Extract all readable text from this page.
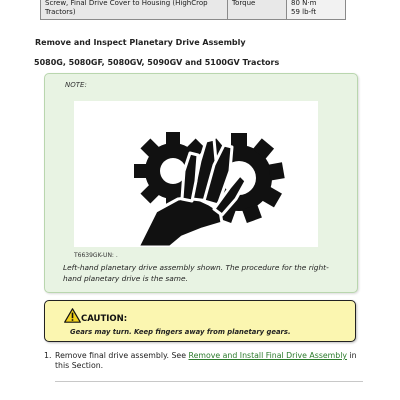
Screw, Final Drive Cover to Housing (HighCrop Tractors)	Torque	80 N·m
59 lb-ft
Remove and Inspect Planetary Drive Assembly
5080G, 5080GF, 5080GV, 5090GV and 5100GV Tractors
NOTE:
T6639GK-UN: .
Left-hand planetary drive assembly shown. The procedure for the right-hand planetary drive is the same.
CAUTION:
Gears may turn. Keep fingers away from planetary gears.
1. Remove final drive assembly. See Remove and Install Final Drive Assembly in this Section.
